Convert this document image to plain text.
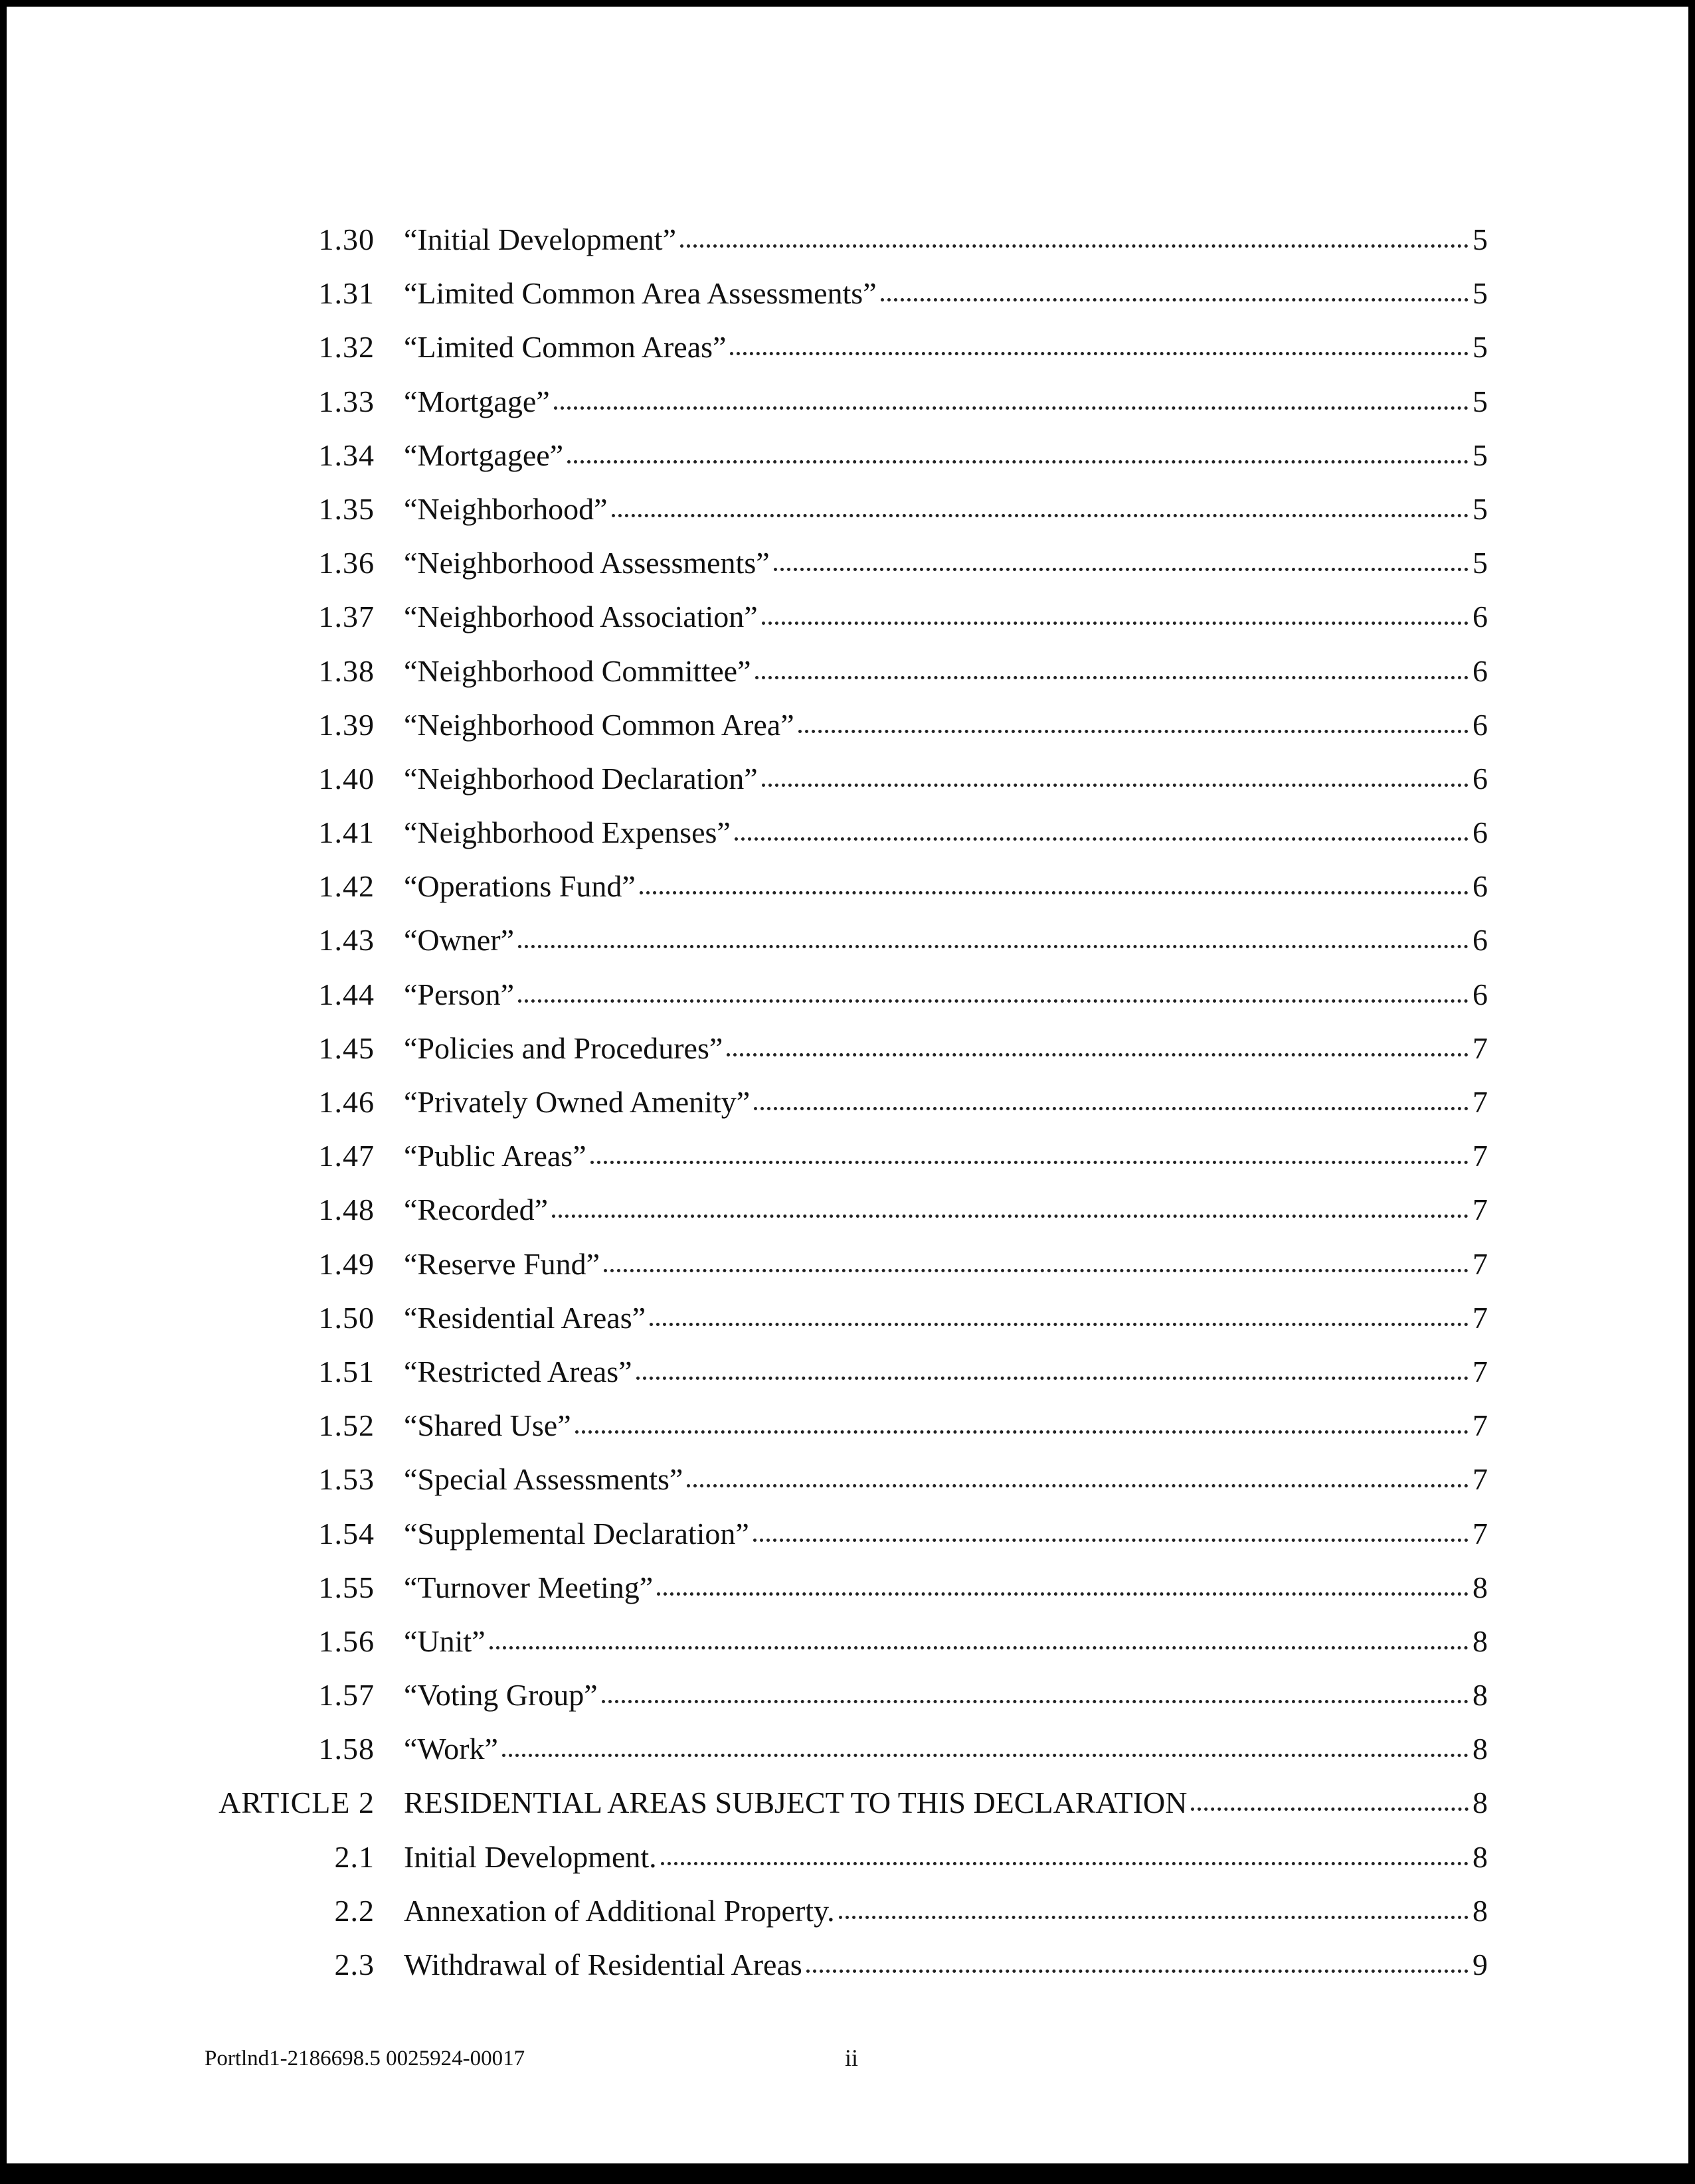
1.30 “Initial Development”	5
1.31 “Limited Common Area Assessments”	5
1.32 “Limited Common Areas”	5
1.33 “Mortgage”	5
1.34 “Mortgagee”	5
1.35 “Neighborhood”	5
1.36 “Neighborhood Assessments”	5
1.37 “Neighborhood Association”	6
1.38 “Neighborhood Committee”	6
1.39 “Neighborhood Common Area”	6
1.40 “Neighborhood Declaration”	6
1.41 “Neighborhood Expenses”	6
1.42 “Operations Fund”	6
1.43 “Owner”	6
1.44 “Person”	6
1.45 “Policies and Procedures”	7
1.46 “Privately Owned Amenity”	7
1.47 “Public Areas”	7
1.48 “Recorded”	7
1.49 “Reserve Fund”	7
1.50 “Residential Areas”	7
1.51 “Restricted Areas”	7
1.52 “Shared Use”	7
1.53 “Special Assessments”	7
1.54 “Supplemental Declaration”	7
1.55 “Turnover Meeting”	8
1.56 “Unit”	8
1.57 “Voting Group”	8
1.58 “Work”	8
ARTICLE 2 RESIDENTIAL AREAS SUBJECT TO THIS DECLARATION	8
2.1 Initial Development.	8
2.2 Annexation of Additional Property.	8
2.3 Withdrawal of Residential Areas	9
Portlnd1-2186698.5 0025924-00017	ii
